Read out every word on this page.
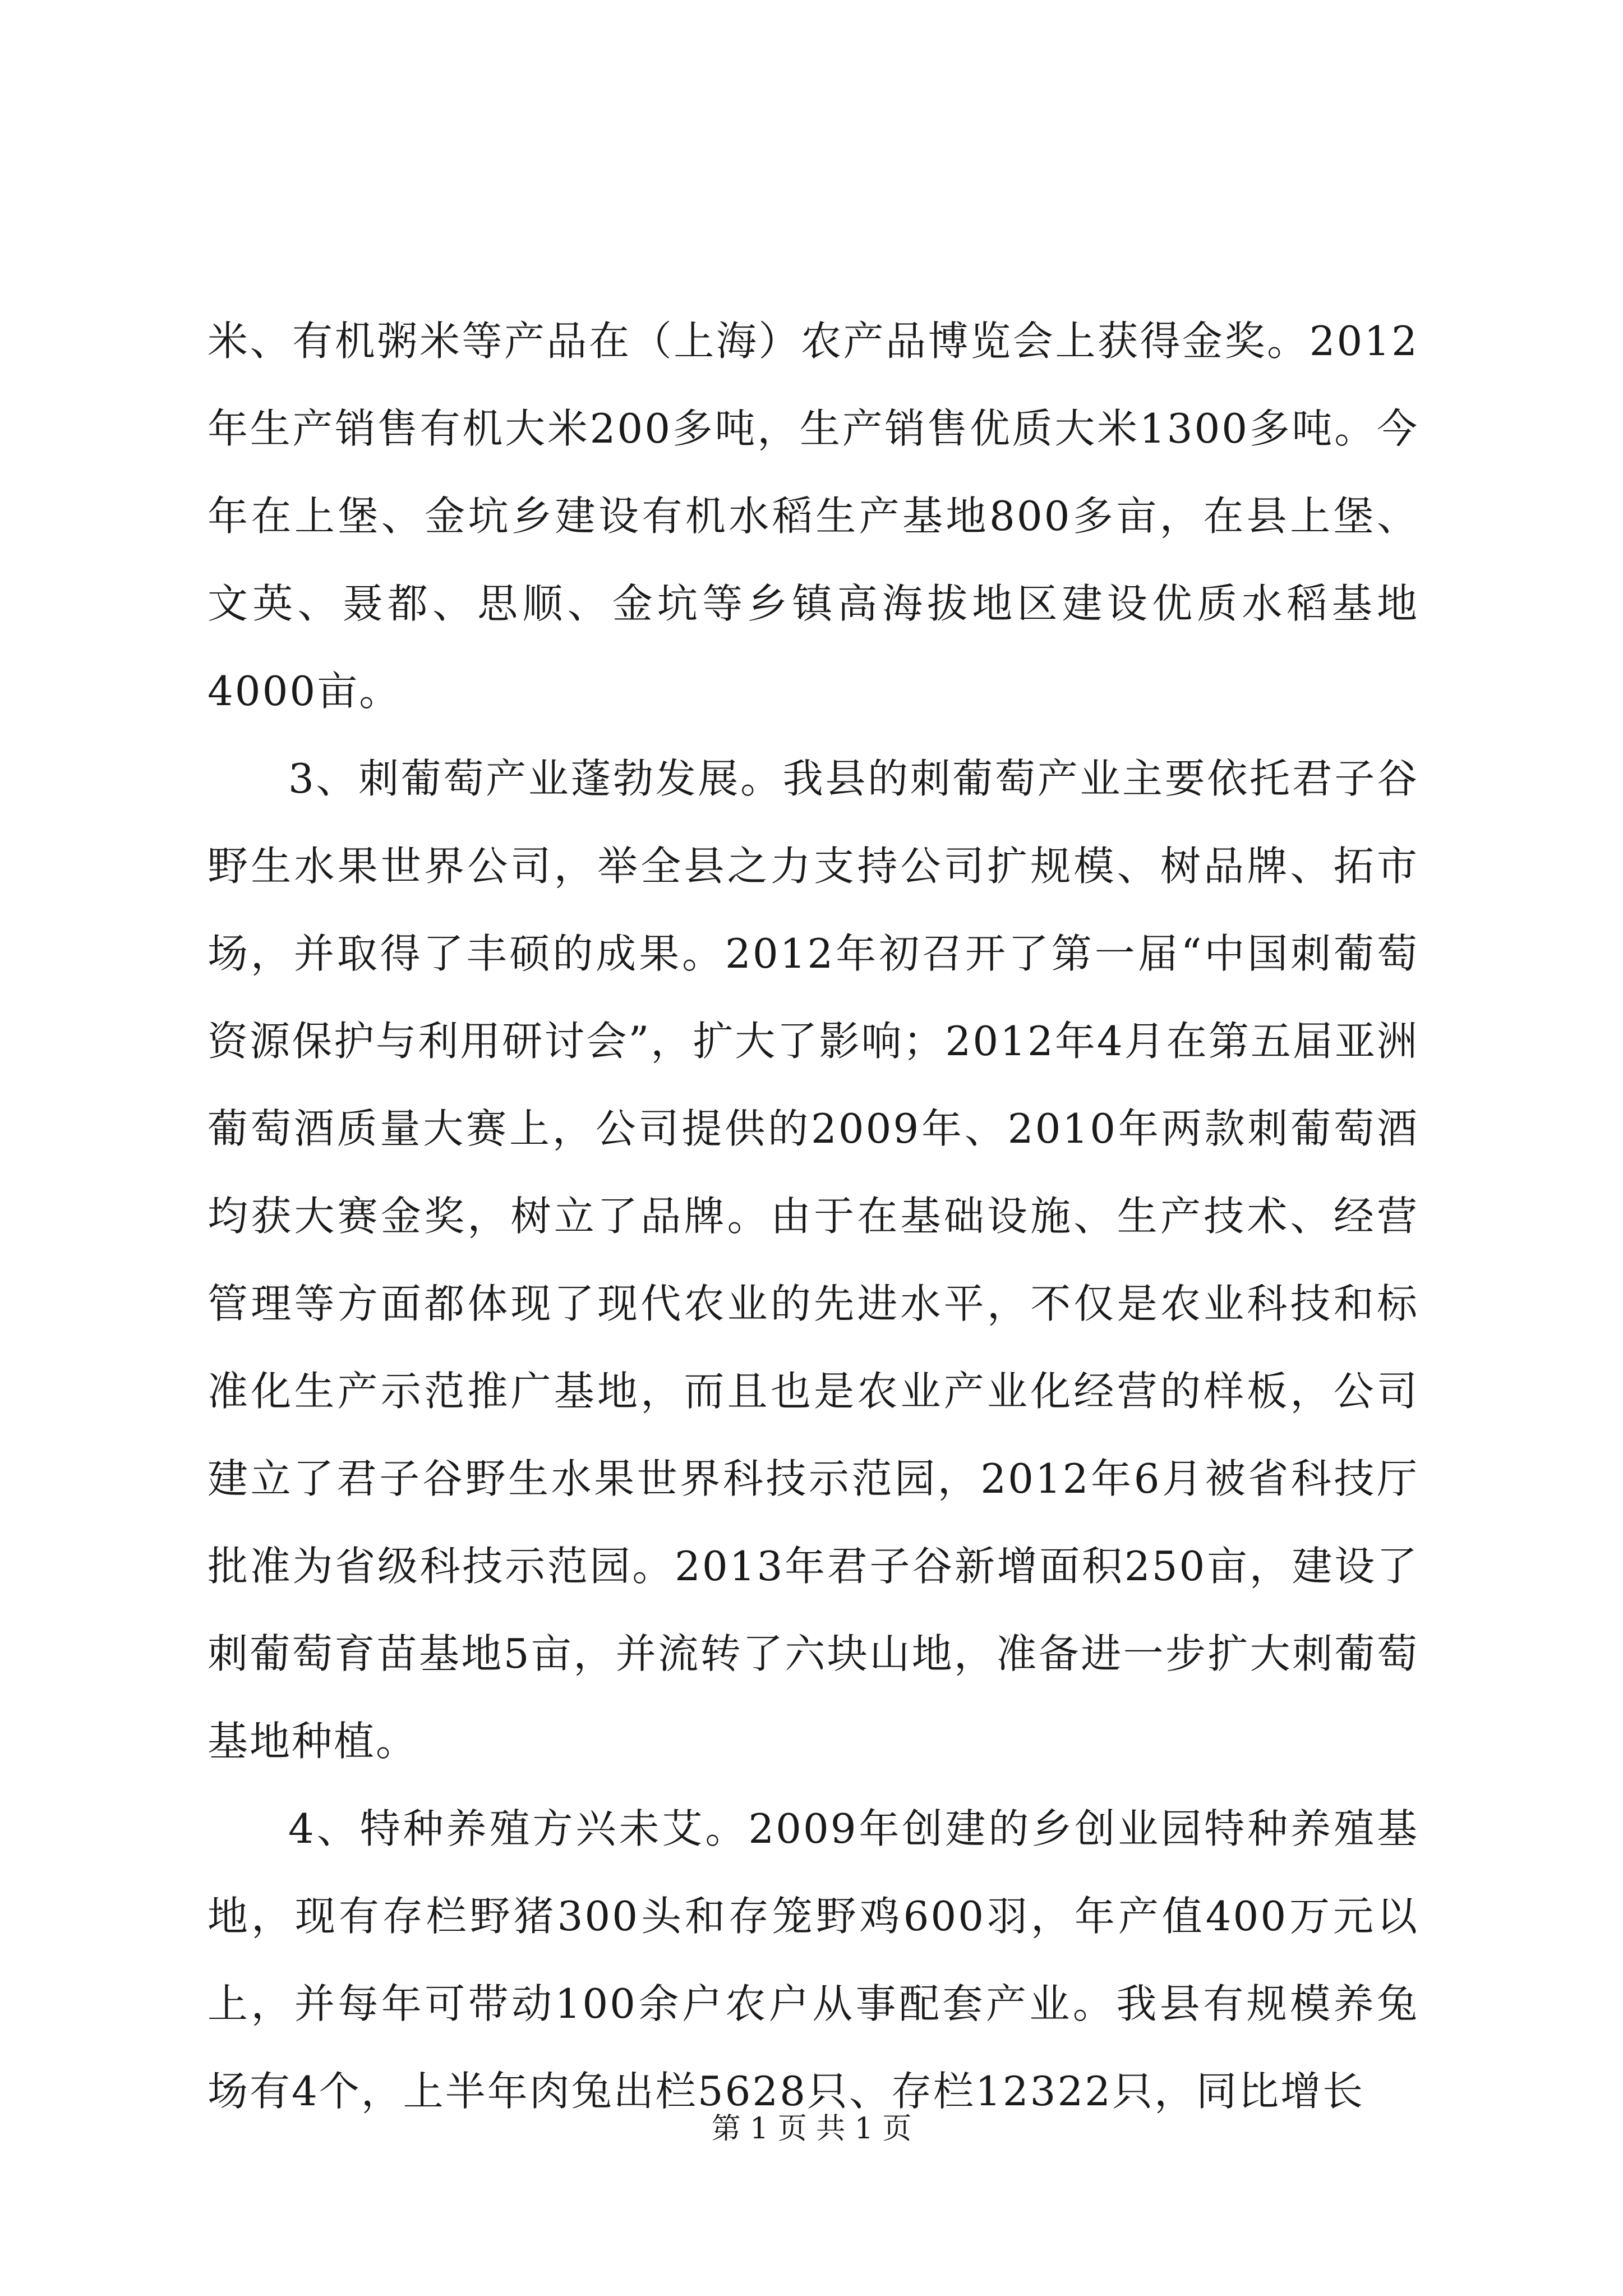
米、有机粥米等产品在（上海）农产品博览会上获得金奖。2012年生产销售有机大米200多吨，生产销售优质大米1300多吨。今年在上堡、金坑乡建设有机水稻生产基地800多亩，在县上堡、文英、聂都、思顺、金坑等乡镇高海拔地区建设优质水稻基地4000亩。

3、刺葡萄产业蓬勃发展。我县的刺葡萄产业主要依托君子谷野生水果世界公司，举全县之力支持公司扩规模、树品牌、拓市场，并取得了丰硕的成果。2012年初召开了第一届“中国刺葡萄资源保护与利用研讨会”，扩大了影响；2012年4月在第五届亚洲葡萄酒质量大赛上，公司提供的2009年、2010年两款刺葡萄酒均获大赛金奖，树立了品牌。由于在基础设施、生产技术、经营管理等方面都体现了现代农业的先进水平，不仅是农业科技和标准化生产示范推广基地，而且也是农业产业化经营的样板，公司建立了君子谷野生水果世界科技示范园，2012年6月被省科技厅批准为省级科技示范园。2013年君子谷新增面积250亩，建设了刺葡萄育苗基地5亩，并流转了六块山地，准备进一步扩大刺葡萄基地种植。

4、特种养殖方兴未艾。2009年创建的乡创业园特种养殖基地，现有存栏野猪300头和存笼野鸡600羽，年产值400万元以上，并每年可带动100余户农户从事配套产业。我县有规模养兔场有4个，上半年肉兔出栏5628只、存栏12322只，同比增长

第 1 页 共 1 页
